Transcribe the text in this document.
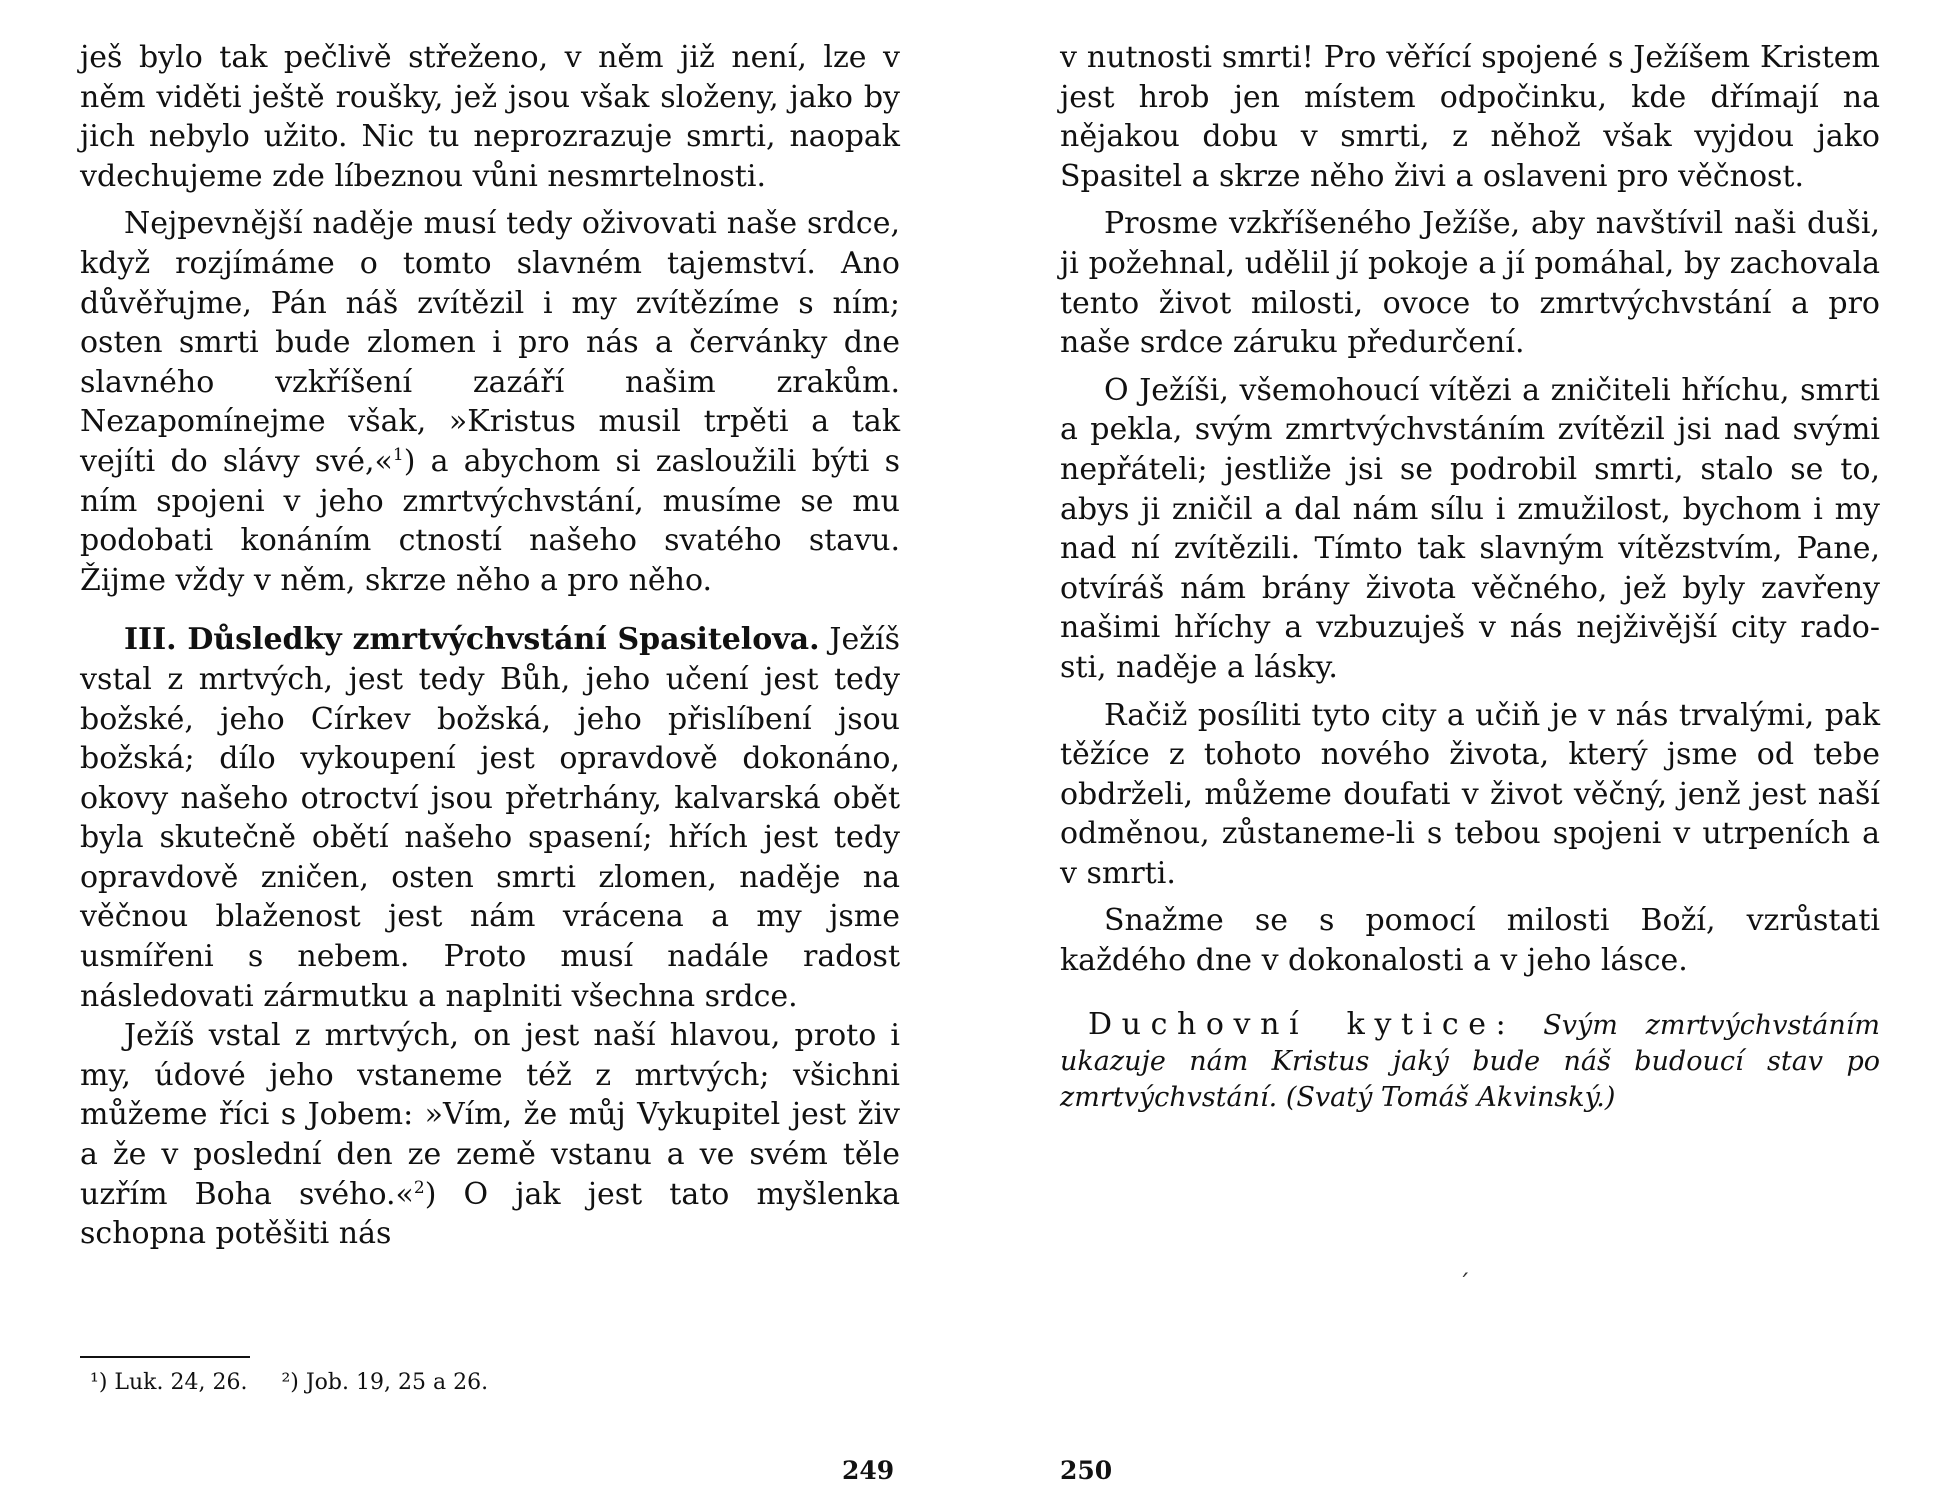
ješ bylo tak pečlivě střeženo, v něm již není, lze v něm viděti ještě roušky, jež jsou však složeny, jako by jich nebylo užito. Nic tu neprozrazuje smrti, naopak vdechujeme zde líbeznou vůni nesmrtelnosti.

Nejpevnější naděje musí tedy oživovati naše srdce, když rozjímáme o tomto slavném tajemství. Ano důvěřujme, Pán náš zvítězil i my zvítězíme s ním; osten smrti bude zlomen i pro nás a červánky dne slavného vzkříšení zazáří našim zrakům. Nezapomínejme však, »Kristus musil trpěti a tak vejíti do slávy své,«$^1$) a abychom si zasloužili býti s ním spojeni v jeho zmrtvýchvstání, musíme se mu podobati konáním ctností našeho svatého stavu. Žijme vždy v něm, skrze něho a pro něho.

III. Důsledky zmrtvýchvstání Spasitelova. Ježíš vstal z mrtvých, jest tedy Bůh, jeho učení jest tedy božské, jeho Církev božská, jeho přislíbení jsou božská; dílo vykoupení jest opravdově dokonáno, okovy našeho otroctví jsou přetrhány, kalvarská obět byla skutečně obětí našeho spasení; hřích jest tedy opravdově zničen, osten smrti zlomen, naděje na věčnou blaženost jest nám vrácena a my jsme usmířeni s nebem. Proto musí nadále radost následovati zármutku a naplniti všechna srdce.

Ježíš vstal z mrtvých, on jest naší hlavou, proto i my, údové jeho vstaneme též z mrtvých; všichni můžeme říci s Jobem: »Vím, že můj Vykupitel jest živ a že v poslední den ze země vstanu a ve svém těle uzřím Boha svého.«$^2$) O jak jest tato myšlenka schopna potěšiti nás

¹) Luk. 24, 26. ²) Job. 19, 25 a 26.
249

v nutnosti smrti! Pro věřící spojené s Ježíšem Kristem jest hrob jen místem odpočinku, kde dřímají na nějakou dobu v smrti, z něhož však vyjdou jako Spasitel a skrze něho živi a oslaveni pro věčnost.

Prosme vzkříšeného Ježíše, aby navštívil naši duši, ji požehnal, udělil jí pokoje a jí pomáhal, by zachovala tento život milosti, ovoce to zmrtvýchvstání a pro naše srdce záruku předurčení.

O Ježíši, všemohoucí vítězi a zničiteli hříchu, smrti a pekla, svým zmrtvýchvstáním zvítězil jsi nad svými nepřáteli; jestliže jsi se podrobil smrti, stalo se to, abys ji zničil a dal nám sílu i zmužilost, bychom i my nad ní zvítězili. Tímto tak slavným vítězstvím, Pane, otvíráš nám brány života věčného, jež byly zavřeny našimi hříchy a vzbuzuješ v nás nejživější city radosti, naděje a lásky.

Račiž posíliti tyto city a učiň je v nás trvalými, pak těžíce z tohoto nového života, který jsme od tebe obdrželi, můžeme doufati v život věčný, jenž jest naší odměnou, zůstaneme-li s tebou spojeni v utrpeních a v smrti.

Snažme se s pomocí milosti Boží, vzrůstati každého dne v dokonalosti a v jeho lásce.

Duchovní kytice: Svým zmrtvýchvstáním ukazuje nám Kristus jaký bude náš budoucí stav po zmrtvýchvstání. (Svatý Tomáš Akvinský.)
ˊ
250
